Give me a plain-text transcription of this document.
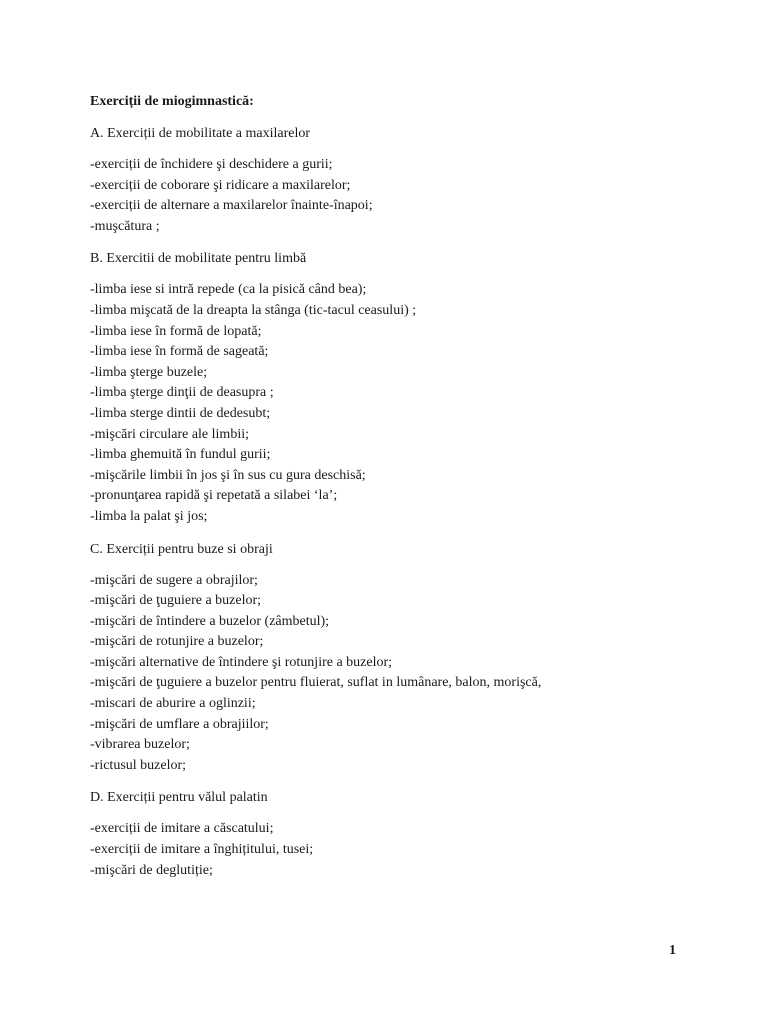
Exerciții de miogimnastică:
A. Exerciții de mobilitate a maxilarelor
-exerciții de închidere şi deschidere a gurii;
-exerciții de coborare şi ridicare a maxilarelor;
-exerciții de alternare a maxilarelor înainte-înapoi;
-muşcătura ;
B. Exercitii de mobilitate pentru limbă
-limba iese si intră repede (ca la pisică când bea);
-limba mişcată de la dreapta la stânga (tic-tacul ceasului) ;
-limba iese în formă de lopată;
-limba iese în formă de sageată;
-limba şterge buzele;
-limba şterge dinţii de deasupra ;
-limba sterge dintii de dedesubt;
-mişcări circulare ale limbii;
-limba ghemuită în fundul gurii;
-mişcările limbii în jos şi în sus cu gura deschisă;
-pronunţarea rapidă şi repetată a silabei ‘la’;
-limba la palat şi jos;
C. Exerciții pentru buze si obraji
-mişcări de sugere a obrajilor;
-mişcări de ţuguiere a buzelor;
-mişcări de întindere a buzelor (zâmbetul);
-mişcări de rotunjire a buzelor;
-mişcări alternative de întindere şi rotunjire a buzelor;
-mişcări de ţuguiere a buzelor pentru fluierat, suflat in lumânare, balon, morişcă,
-miscari de aburire a oglinzii;
-mişcări de umflare a obrajiilor;
-vibrarea buzelor;
-rictusul buzelor;
D. Exerciții pentru vălul palatin
-exerciții de imitare a căscatului;
-exerciții de imitare a înghițitului, tusei;
-mişcări de deglutiție;
1
